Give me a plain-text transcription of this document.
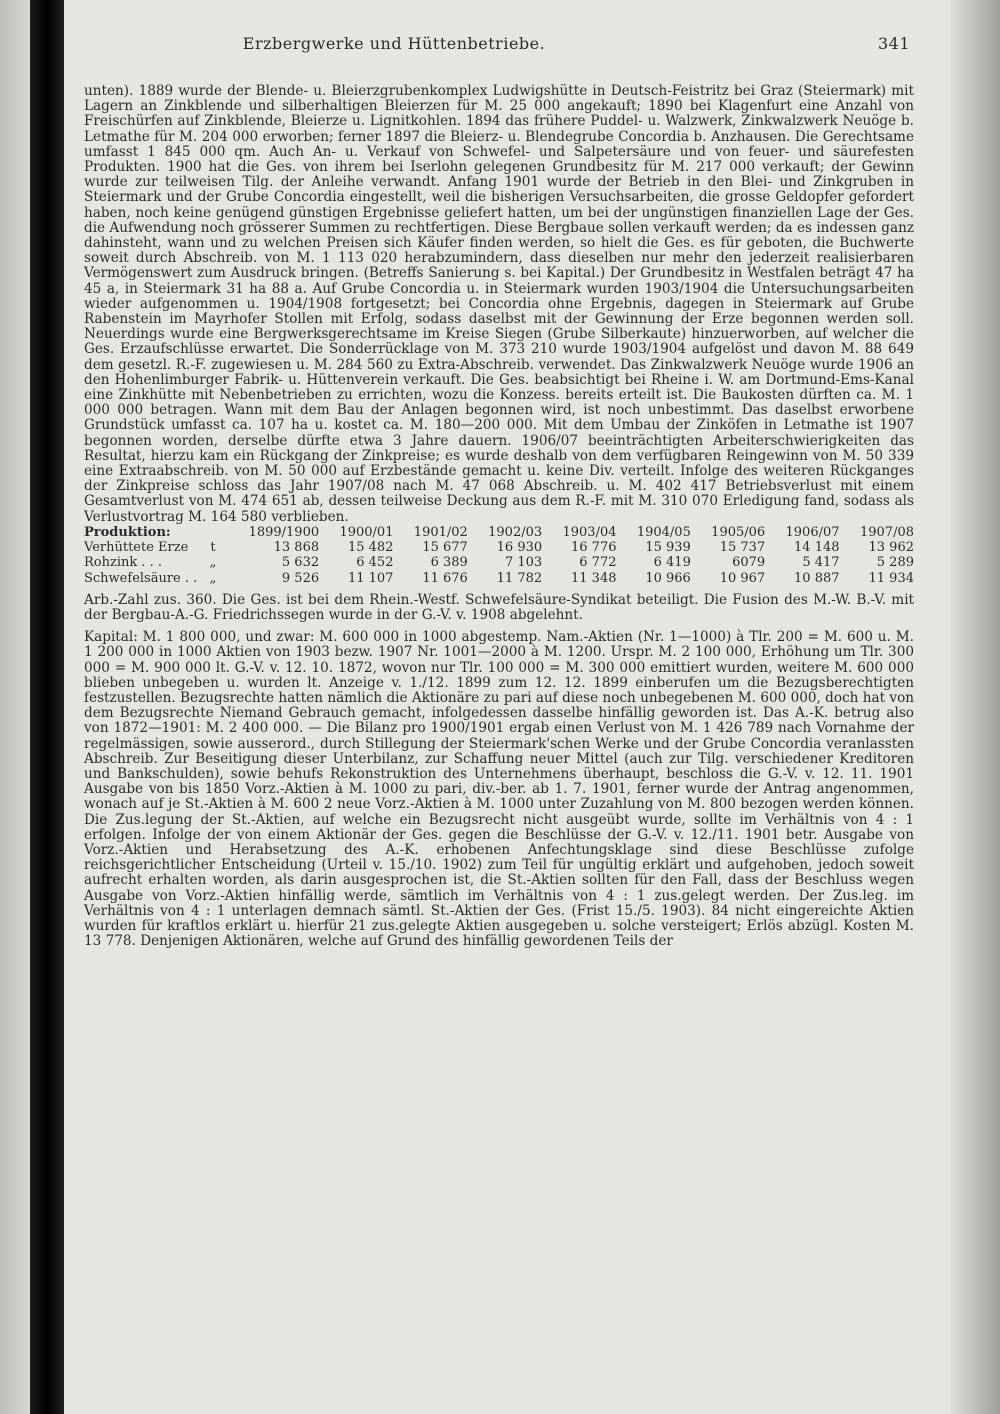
Erzbergwerke und Hüttenbetriebe.	341

unten). 1889 wurde der Blende- u. Bleierzgrubenkomplex Ludwigshütte in Deutsch-Feistritz bei Graz (Steiermark) mit Lagern an Zinkblende und silberhaltigen Bleierzen für M. 25 000 angekauft; 1890 bei Klagenfurt eine Anzahl von Freischürfen auf Zinkblende, Bleierze u. Lignitkohlen. 1894 das frühere Puddel- u. Walzwerk, Zinkwalzwerk Neuöge b. Letmathe für M. 204 000 erworben; ferner 1897 die Bleierz- u. Blendegrube Concordia b. Anzhausen. Die Gerechtsame umfasst 1 845 000 qm. Auch An- u. Verkauf von Schwefel- und Salpetersäure und von feuer- und säurefesten Produkten. 1900 hat die Ges. von ihrem bei Iserlohn gelegenen Grundbesitz für M. 217 000 verkauft; der Gewinn wurde zur teilweisen Tilg. der Anleihe verwandt. Anfang 1901 wurde der Betrieb in den Blei- und Zinkgruben in Steiermark und der Grube Concordia eingestellt, weil die bisherigen Versuchsarbeiten, die grosse Geldopfer gefordert haben, noch keine genügend günstigen Ergebnisse geliefert hatten, um bei der ungünstigen finanziellen Lage der Ges. die Aufwendung noch grösserer Summen zu rechtfertigen. Diese Bergbaue sollen verkauft werden; da es indessen ganz dahinsteht, wann und zu welchen Preisen sich Käufer finden werden, so hielt die Ges. es für geboten, die Buchwerte soweit durch Abschreib. von M. 1 113 020 herabzumindern, dass dieselben nur mehr den jederzeit realisierbaren Vermögenswert zum Ausdruck bringen. (Betreffs Sanierung s. bei Kapital.) Der Grundbesitz in Westfalen beträgt 47 ha 45 a, in Steiermark 31 ha 88 a. Auf Grube Concordia u. in Steiermark wurden 1903/1904 die Untersuchungsarbeiten wieder aufgenommen u. 1904/1908 fortgesetzt; bei Concordia ohne Ergebnis, dagegen in Steiermark auf Grube Rabenstein im Mayrhofer Stollen mit Erfolg, sodass daselbst mit der Gewinnung der Erze begonnen werden soll. Neuerdings wurde eine Bergwerksgerechtsame im Kreise Siegen (Grube Silberkaute) hinzuerworben, auf welcher die Ges. Erzaufschlüsse erwartet. Die Sonderrücklage von M. 373 210 wurde 1903/1904 aufgelöst und davon M. 88 649 dem gesetzl. R.-F. zugewiesen u. M. 284 560 zu Extra-Abschreib. verwendet. Das Zinkwalzwerk Neuöge wurde 1906 an den Hohenlimburger Fabrik- u. Hüttenverein verkauft. Die Ges. beabsichtigt bei Rheine i. W. am Dortmund-Ems-Kanal eine Zinkhütte mit Nebenbetrieben zu errichten, wozu die Konzess. bereits erteilt ist. Die Baukosten dürften ca. M. 1 000 000 betragen. Wann mit dem Bau der Anlagen begonnen wird, ist noch unbestimmt. Das daselbst erworbene Grundstück umfasst ca. 107 ha u. kostet ca. M. 180—200 000. Mit dem Umbau der Zinköfen in Letmathe ist 1907 begonnen worden, derselbe dürfte etwa 3 Jahre dauern. 1906/07 beeinträchtigten Arbeiterschwierigkeiten das Resultat, hierzu kam ein Rückgang der Zinkpreise; es wurde deshalb von dem verfügbaren Reingewinn von M. 50 339 eine Extraabschreib. von M. 50 000 auf Erzbestände gemacht u. keine Div. verteilt. Infolge des weiteren Rückganges der Zinkpreise schloss das Jahr 1907/08 nach M. 47 068 Abschreib. u. M. 402 417 Betriebsverlust mit einem Gesamtverlust von M. 474 651 ab, dessen teilweise Deckung aus dem R.-F. mit M. 310 070 Erledigung fand, sodass als Verlustvortrag M. 164 580 verblieben.

Produktion:		1899/1900	1900/01	1901/02	1902/03	1903/04	1904/05	1905/06	1906/07	1907/08
Verhüttete Erze	t	13 868	15 482	15 677	16 930	16 776	15 939	15 737	14 148	13 962
Rohzink . . .	„	5 632	6 452	6 389	7 103	6 772	6 419	6079	5 417	5 289
Schwefelsäure . .	„	9 526	11 107	11 676	11 782	11 348	10 966	10 967	10 887	11 934

Arb.-Zahl zus. 360. Die Ges. ist bei dem Rhein.-Westf. Schwefelsäure-Syndikat beteiligt. Die Fusion des M.-W. B.-V. mit der Bergbau-A.-G. Friedrichssegen wurde in der G.-V. v. 1908 abgelehnt.

Kapital: M. 1 800 000, und zwar: M. 600 000 in 1000 abgestemp. Nam.-Aktien (Nr. 1—1000) à Tlr. 200 = M. 600 u. M. 1 200 000 in 1000 Aktien von 1903 bezw. 1907 Nr. 1001—2000 à M. 1200. Urspr. M. 2 100 000, Erhöhung um Tlr. 300 000 = M. 900 000 lt. G.-V. v. 12. 10. 1872, wovon nur Tlr. 100 000 = M. 300 000 emittiert wurden, weitere M. 600 000 blieben unbegeben u. wurden lt. Anzeige v. 1./12. 1899 zum 12. 12. 1899 einberufen um die Bezugsberechtigten festzustellen. Bezugsrechte hatten nämlich die Aktionäre zu pari auf diese noch unbegebenen M. 600 000, doch hat von dem Bezugsrechte Niemand Gebrauch gemacht, infolgedessen dasselbe hinfällig geworden ist. Das A.-K. betrug also von 1872—1901: M. 2 400 000. — Die Bilanz pro 1900/1901 ergab einen Verlust von M. 1 426 789 nach Vornahme der regelmässigen, sowie ausserord., durch Stillegung der Steiermark'schen Werke und der Grube Concordia veranlassten Abschreib. Zur Beseitigung dieser Unterbilanz, zur Schaffung neuer Mittel (auch zur Tilg. verschiedener Kreditoren und Bankschulden), sowie behufs Rekonstruktion des Unternehmens überhaupt, beschloss die G.-V. v. 12. 11. 1901 Ausgabe von bis 1850 Vorz.-Aktien à M. 1000 zu pari, div.-ber. ab 1. 7. 1901, ferner wurde der Antrag angenommen, wonach auf je St.-Aktien à M. 600 2 neue Vorz.-Aktien à M. 1000 unter Zuzahlung von M. 800 bezogen werden können. Die Zus.legung der St.-Aktien, auf welche ein Bezugsrecht nicht ausgeübt wurde, sollte im Verhältnis von 4 : 1 erfolgen. Infolge der von einem Aktionär der Ges. gegen die Beschlüsse der G.-V. v. 12./11. 1901 betr. Ausgabe von Vorz.-Aktien und Herabsetzung des A.-K. erhobenen Anfechtungsklage sind diese Beschlüsse zufolge reichsgerichtlicher Entscheidung (Urteil v. 15./10. 1902) zum Teil für ungültig erklärt und aufgehoben, jedoch soweit aufrecht erhalten worden, als darin ausgesprochen ist, die St.-Aktien sollten für den Fall, dass der Beschluss wegen Ausgabe von Vorz.-Aktien hinfällig werde, sämtlich im Verhältnis von 4 : 1 zus.gelegt werden. Der Zus.leg. im Verhältnis von 4 : 1 unterlagen demnach sämtl. St.-Aktien der Ges. (Frist 15./5. 1903). 84 nicht eingereichte Aktien wurden für kraftlos erklärt u. hierfür 21 zus.gelegte Aktien ausgegeben u. solche versteigert; Erlös abzügl. Kosten M. 13 778. Denjenigen Aktionären, welche auf Grund des hinfällig gewordenen Teils der
